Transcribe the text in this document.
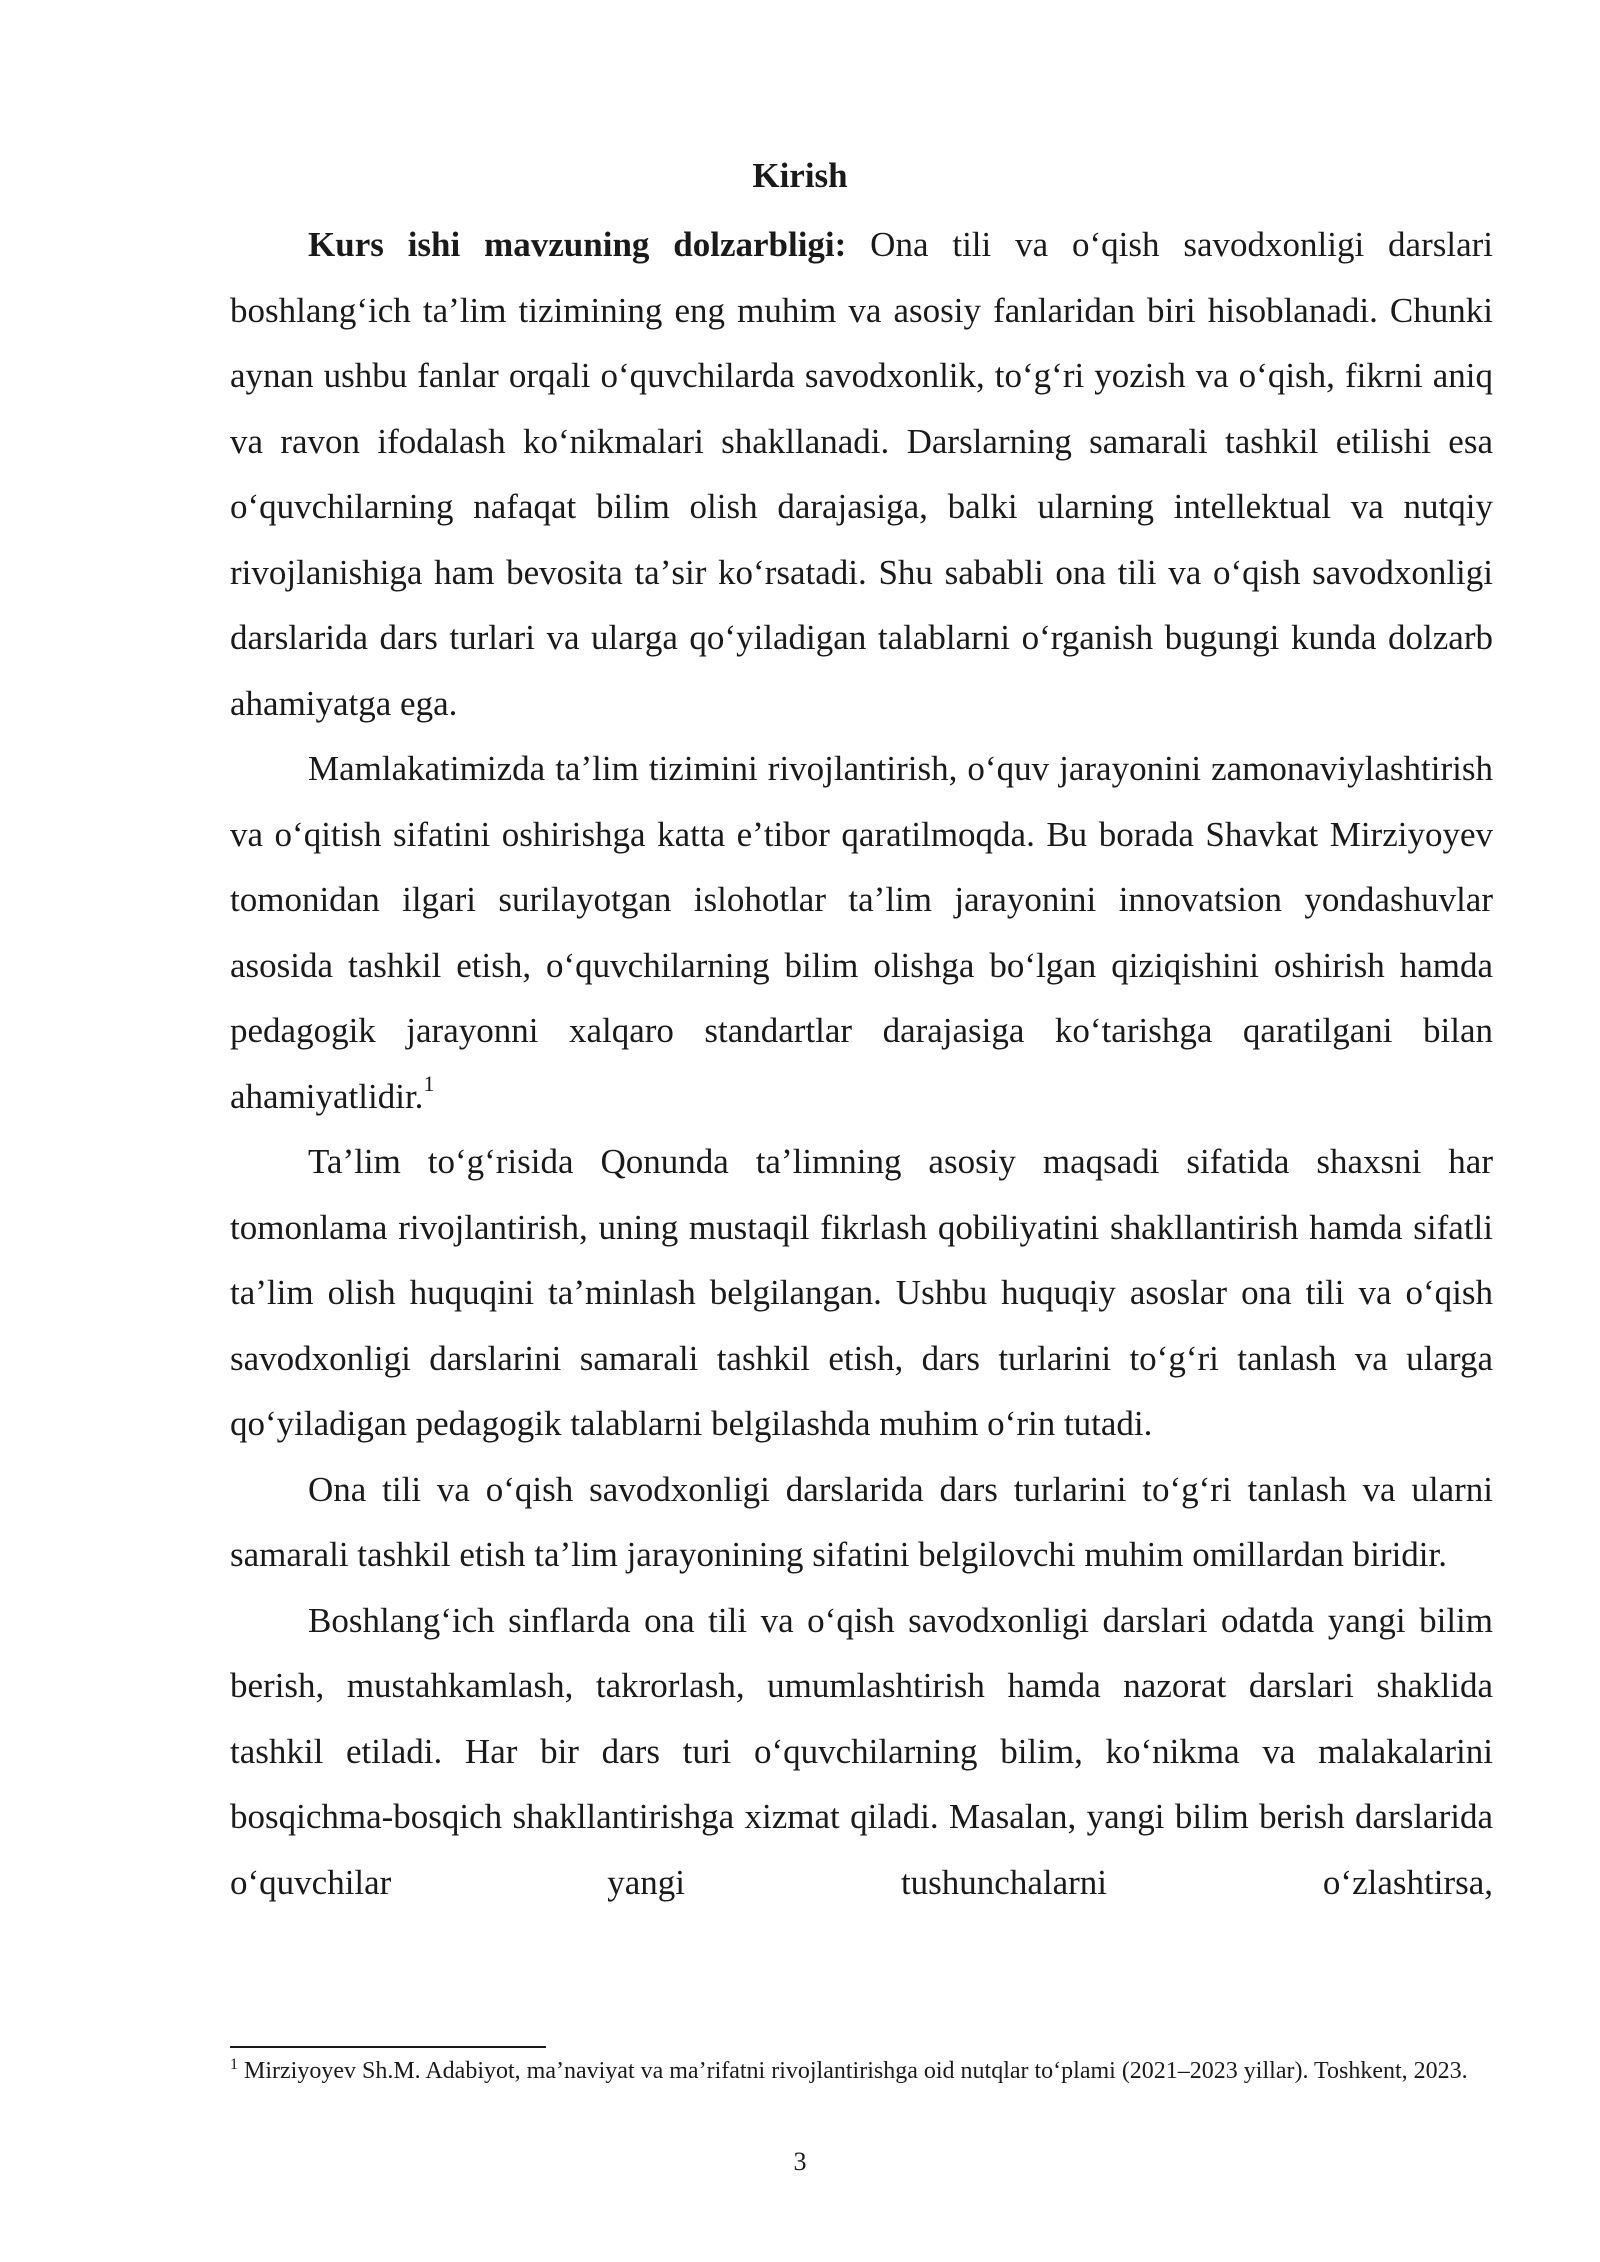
Kirish

Kurs ishi mavzuning dolzarbligi: Ona tili va oʻqish savodxonligi darslari boshlangʻich taʼlim tizimining eng muhim va asosiy fanlaridan biri hisoblanadi. Chunki aynan ushbu fanlar orqali oʻquvchilarda savodxonlik, toʻgʻri yozish va oʻqish, fikrni aniq va ravon ifodalash koʻnikmalari shakllanadi. Darslarning samarali tashkil etilishi esa oʻquvchilarning nafaqat bilim olish darajasiga, balki ularning intellektual va nutqiy rivojlanishiga ham bevosita taʼsir koʻrsatadi. Shu sababli ona tili va oʻqish savodxonligi darslarida dars turlari va ularga qoʻyiladigan talablarni oʻrganish bugungi kunda dolzarb ahamiyatga ega.

Mamlakatimizda taʼlim tizimini rivojlantirish, oʻquv jarayonini zamonaviylashtirish va oʻqitish sifatini oshirishga katta eʼtibor qaratilmoqda. Bu borada Shavkat Mirziyoyev tomonidan ilgari surilayotgan islohotlar taʼlim jarayonini innovatsion yondashuvlar asosida tashkil etish, oʻquvchilarning bilim olishga boʻlgan qiziqishini oshirish hamda pedagogik jarayonni xalqaro standartlar darajasiga koʻtarishga qaratilgani bilan ahamiyatlidir.$^1$

Taʼlim toʻgʻrisida Qonunda taʼlimning asosiy maqsadi sifatida shaxsni har tomonlama rivojlantirish, uning mustaqil fikrlash qobiliyatini shakllantirish hamda sifatli taʼlim olish huquqini taʼminlash belgilangan. Ushbu huquqiy asoslar ona tili va oʻqish savodxonligi darslarini samarali tashkil etish, dars turlarini toʻgʻri tanlash va ularga qoʻyiladigan pedagogik talablarni belgilashda muhim oʻrin tutadi.

Ona tili va oʻqish savodxonligi darslarida dars turlarini toʻgʻri tanlash va ularni samarali tashkil etish taʼlim jarayonining sifatini belgilovchi muhim omillardan biridir.

Boshlangʻich sinflarda ona tili va oʻqish savodxonligi darslari odatda yangi bilim berish, mustahkamlash, takrorlash, umumlashtirish hamda nazorat darslari shaklida tashkil etiladi. Har bir dars turi oʻquvchilarning bilim, koʻnikma va malakalarini bosqichma-bosqich shakllantirishga xizmat qiladi. Masalan, yangi bilim berish darslarida oʻquvchilar yangi tushunchalarni oʻzlashtirsa,

$^1$ Mirziyoyev Sh.M. Adabiyot, maʼnaviyat va maʼrifatni rivojlantirishga oid nutqlar toʻplami (2021–2023 yillar). Toshkent, 2023.

3
